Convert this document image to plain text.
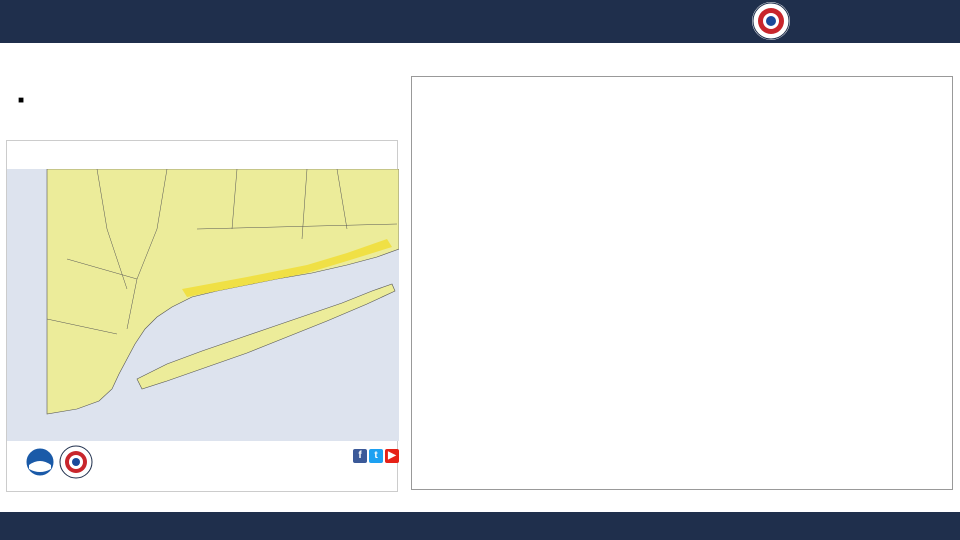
■
f	t	▶
